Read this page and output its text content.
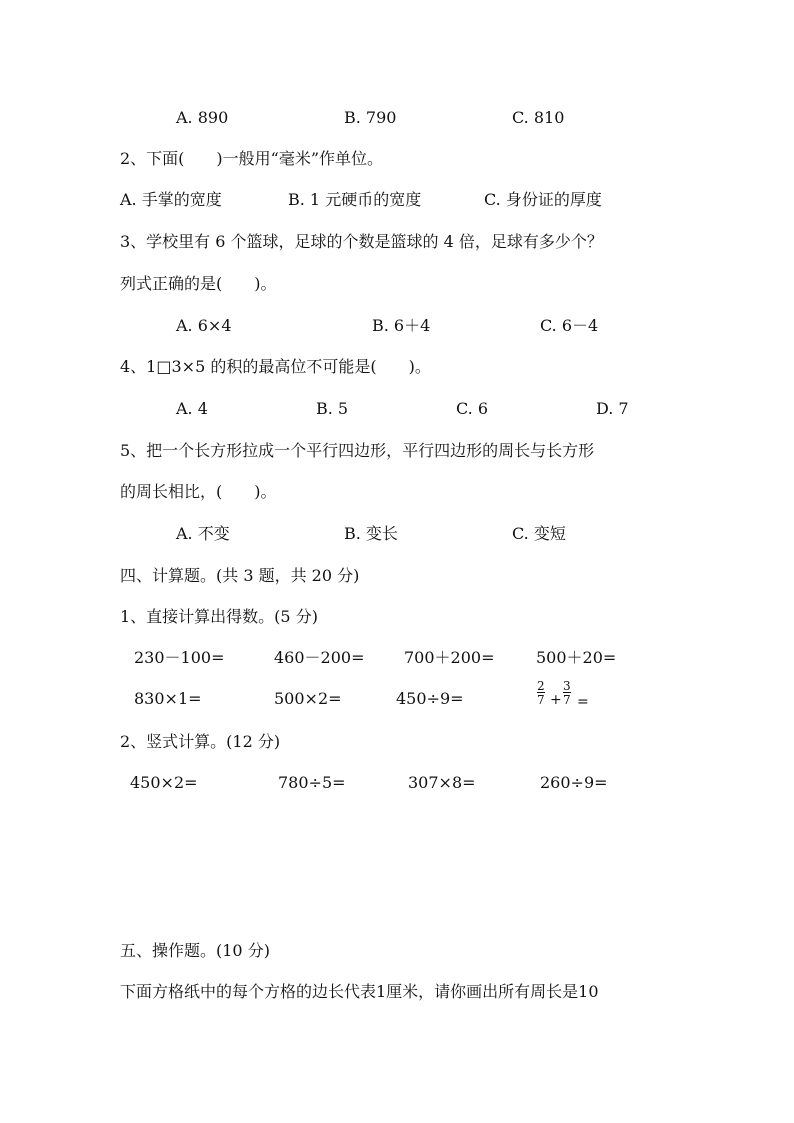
A. 890	B. 790	C. 810
2、下面(　　)一般用“毫米”作单位。
A. 手掌的宽度	B. 1 元硬币的宽度	C. 身份证的厚度
3、学校里有 6 个篮球，足球的个数是篮球的 4 倍，足球有多少个？
列式正确的是(　　)。
A. 6×4	B. 6＋4	C. 6－4
4、1□3×5 的积的最高位不可能是(　　)。
A. 4	B. 5	C. 6	D. 7
5、把一个长方形拉成一个平行四边形，平行四边形的周长与长方形
的周长相比，(　　)。
A. 不变	B. 变长	C. 变短
四、计算题。(共 3 题，共 20 分)
1、直接计算出得数。(5 分)
230－100=	460－200= 700＋200=	500＋20=
830×1=	500×2=	450÷9=	$\frac{2}{7} + \frac{3}{7}$ =
2、竖式计算。(12 分)
450×2=	780÷5=	307×8=	260÷9=
五、操作题。(10 分)
下面方格纸中的每个方格的边长代表1厘米，请你画出所有周长是10
